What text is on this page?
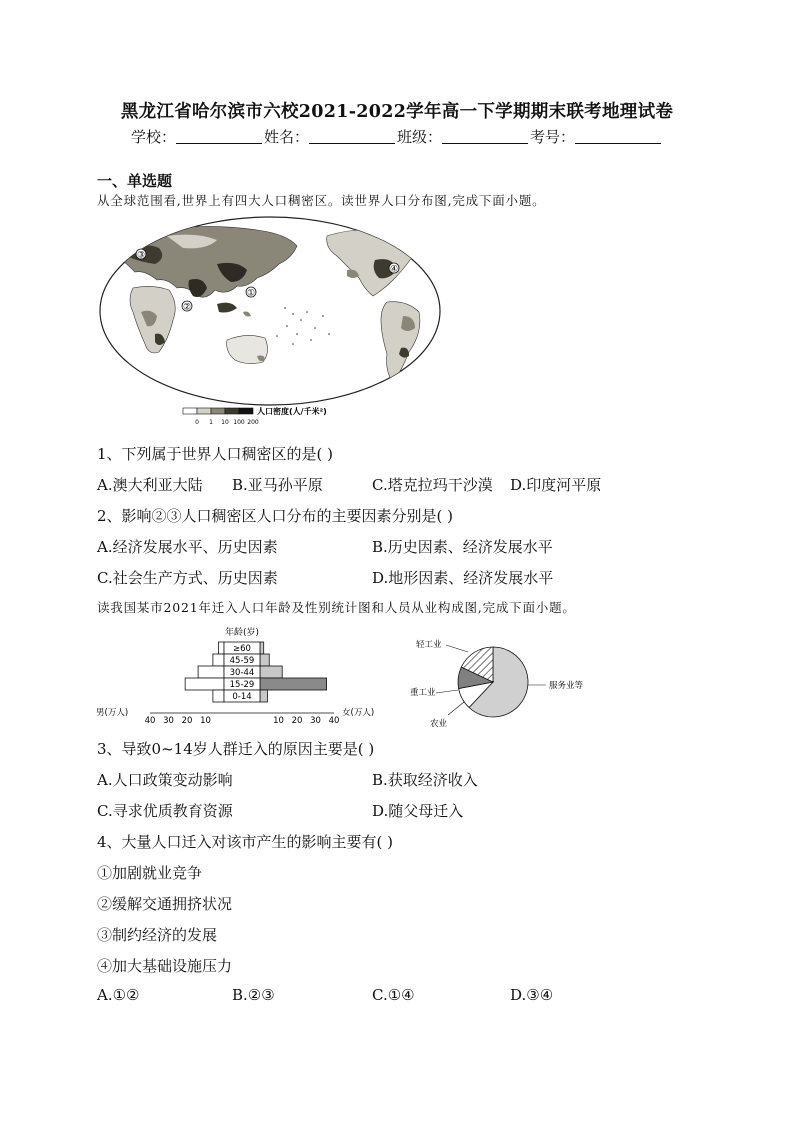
黑龙江省哈尔滨市六校2021-2022学年高一下学期期末联考地理试卷
学校：	姓名：	班级：	考号：
一、单选题
从全球范围看,世界上有四大人口稠密区。读世界人口分布图,完成下面小题。
①
②
③
④
人口密度(人/千米²)
0 1 10 100 200
1、下列属于世界人口稠密区的是( )
A.澳大利亚大陆 B.亚马孙平原	C.塔克拉玛干沙漠 D.印度河平原
2、影响②③人口稠密区人口分布的主要因素分别是( )
A.经济发展水平、历史因素	B.历史因素、经济发展水平
C.社会生产方式、历史因素	D.地形因素、经济发展水平
读我国某市2021年迁入人口年龄及性别统计图和人员从业构成图,完成下面小题。
年龄(岁)
≥60
45-59
30-44
15-29
0-14
男(万人)	女(万人)
40 30 20 10	10 20 30 40
轻工业
服务业等
重工业
农业
3、导致0~14岁人群迁入的原因主要是( )
A.人口政策变动影响	B.获取经济收入
C.寻求优质教育资源	D.随父母迁入
4、大量人口迁入对该市产生的影响主要有( )
①加剧就业竞争
②缓解交通拥挤状况
③制约经济的发展
④加大基础设施压力
A.①②	B.②③	C.①④	D.③④
